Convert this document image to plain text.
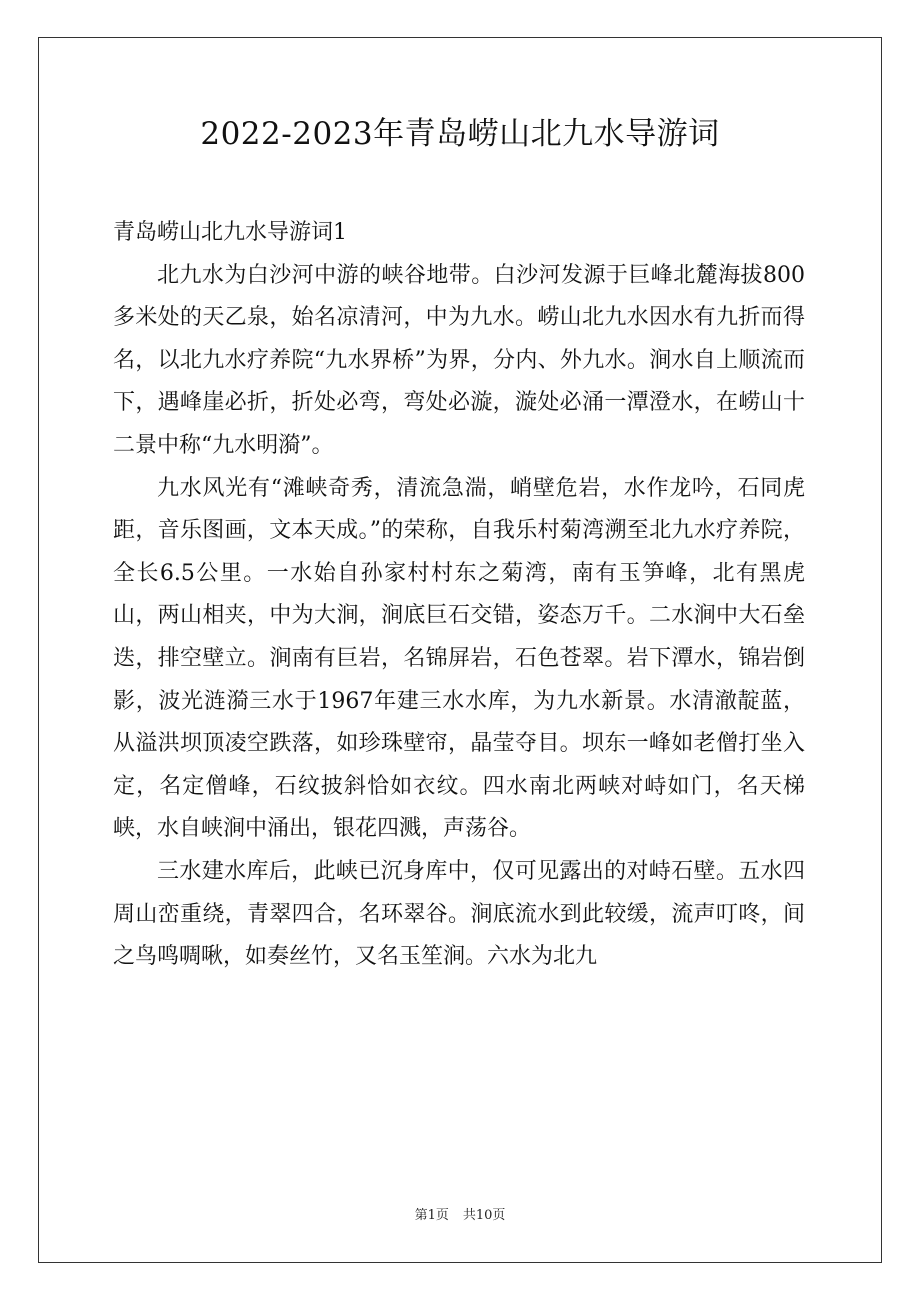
2022-2023年青岛崂山北九水导游词

青岛崂山北九水导游词1

北九水为白沙河中游的峡谷地带。白沙河发源于巨峰北麓海拔800多米处的天乙泉，始名凉清河，中为九水。崂山北九水因水有九折而得名，以北九水疗养院“九水界桥”为界，分内、外九水。涧水自上顺流而下，遇峰崖必折，折处必弯，弯处必漩，漩处必涌一潭澄水，在崂山十二景中称“九水明漪”。

九水风光有“滩峡奇秀，清流急湍，峭壁危岩，水作龙吟，石同虎距，音乐图画，文本天成。”的荣称，自我乐村菊湾溯至北九水疗养院，全长6.5公里。一水始自孙家村村东之菊湾，南有玉笋峰，北有黑虎山，两山相夹，中为大涧，涧底巨石交错，姿态万千。二水涧中大石垒迭，排空壁立。涧南有巨岩，名锦屏岩，石色苍翠。岩下潭水，锦岩倒影，波光涟漪三水于1967年建三水水库，为九水新景。水清澈靛蓝，从溢洪坝顶凌空跌落，如珍珠壁帘，晶莹夺目。坝东一峰如老僧打坐入定，名定僧峰，石纹披斜恰如衣纹。四水南北两峡对峙如门，名天梯峡，水自峡涧中涌出，银花四溅，声荡谷。

三水建水库后，此峡已沉身库中，仅可见露出的对峙石壁。五水四周山峦重绕，青翠四合，名环翠谷。涧底流水到此较缓，流声叮咚，间之鸟鸣啁啾，如奏丝竹，又名玉笙涧。六水为北九

第1页 共10页
